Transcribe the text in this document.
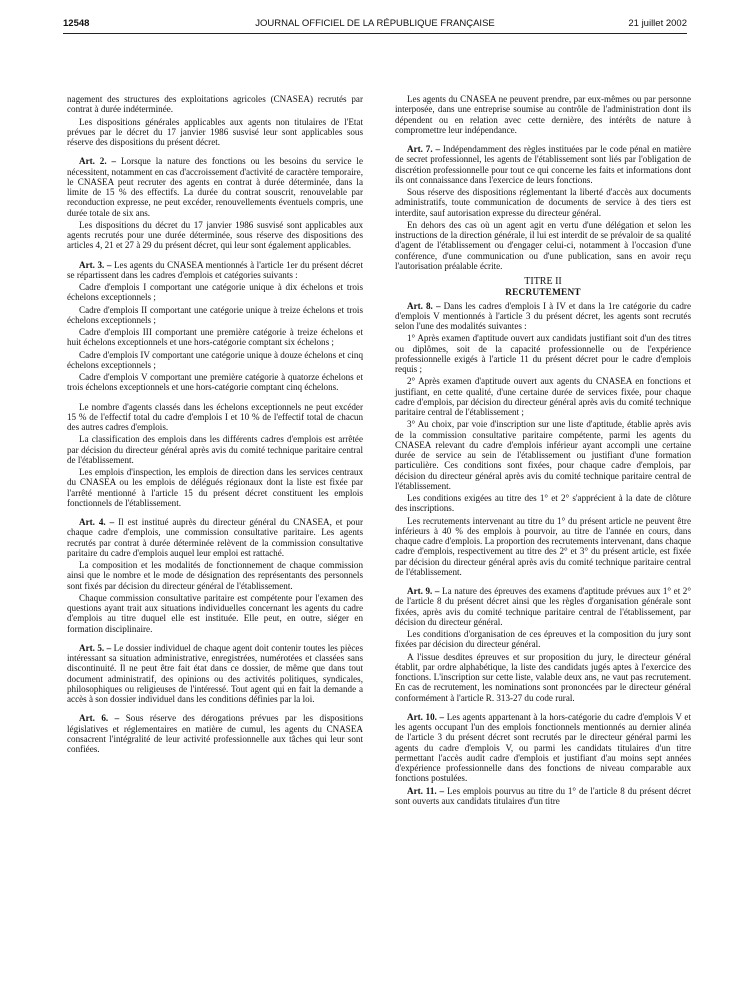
12548	JOURNAL OFFICIEL DE LA RÉPUBLIQUE FRANÇAISE	21 juillet 2002

nagement des structures des exploitations agricoles (CNASEA) recrutés par contrat à durée indéterminée.

Les dispositions générales applicables aux agents non titulaires de l'Etat prévues par le décret du 17 janvier 1986 susvisé leur sont applicables sous réserve des dispositions du présent décret.

Art. 2. – Lorsque la nature des fonctions ou les besoins du service le nécessitent, notamment en cas d'accroissement d'activité de caractère temporaire, le CNASEA peut recruter des agents en contrat à durée déterminée, dans la limite de 15 % des effectifs. La durée du contrat souscrit, renouvelable par reconduction expresse, ne peut excéder, renouvellements éventuels compris, une durée totale de six ans.

Les dispositions du décret du 17 janvier 1986 susvisé sont applicables aux agents recrutés pour une durée déterminée, sous réserve des dispositions des articles 4, 21 et 27 à 29 du présent décret, qui leur sont également applicables.

Art. 3. – Les agents du CNASEA mentionnés à l'article 1er du présent décret se répartissent dans les cadres d'emplois et catégories suivants :

Cadre d'emplois I comportant une catégorie unique à dix échelons et trois échelons exceptionnels ;

Cadre d'emplois II comportant une catégorie unique à treize échelons et trois échelons exceptionnels ;

Cadre d'emplois III comportant une première catégorie à treize échelons et huit échelons exceptionnels et une hors-catégorie comptant six échelons ;

Cadre d'emplois IV comportant une catégorie unique à douze échelons et cinq échelons exceptionnels ;

Cadre d'emplois V comportant une première catégorie à quatorze échelons et trois échelons exceptionnels et une hors-catégorie comptant cinq échelons.

Le nombre d'agents classés dans les échelons exceptionnels ne peut excéder 15 % de l'effectif total du cadre d'emplois I et 10 % de l'effectif total de chacun des autres cadres d'emplois.

La classification des emplois dans les différents cadres d'emplois est arrêtée par décision du directeur général après avis du comité technique paritaire central de l'établissement.

Les emplois d'inspection, les emplois de direction dans les services centraux du CNASEA ou les emplois de délégués régionaux dont la liste est fixée par l'arrêté mentionné à l'article 15 du présent décret constituent les emplois fonctionnels de l'établissement.

Art. 4. – Il est institué auprès du directeur général du CNASEA, et pour chaque cadre d'emplois, une commission consultative paritaire. Les agents recrutés par contrat à durée déterminée relèvent de la commission consultative paritaire du cadre d'emplois auquel leur emploi est rattaché.

La composition et les modalités de fonctionnement de chaque commission ainsi que le nombre et le mode de désignation des représentants des personnels sont fixés par décision du directeur général de l'établissement.

Chaque commission consultative paritaire est compétente pour l'examen des questions ayant trait aux situations individuelles concernant les agents du cadre d'emplois au titre duquel elle est instituée. Elle peut, en outre, siéger en formation disciplinaire.

Art. 5. – Le dossier individuel de chaque agent doit contenir toutes les pièces intéressant sa situation administrative, enregistrées, numérotées et classées sans discontinuité. Il ne peut être fait état dans ce dossier, de même que dans tout document administratif, des opinions ou des activités politiques, syndicales, philosophiques ou religieuses de l'intéressé. Tout agent qui en fait la demande a accès à son dossier individuel dans les conditions définies par la loi.

Art. 6. – Sous réserve des dérogations prévues par les dispositions législatives et réglementaires en matière de cumul, les agents du CNASEA consacrent l'intégralité de leur activité professionnelle aux tâches qui leur sont confiées.

Les agents du CNASEA ne peuvent prendre, par eux-mêmes ou par personne interposée, dans une entreprise soumise au contrôle de l'administration dont ils dépendent ou en relation avec cette dernière, des intérêts de nature à compromettre leur indépendance.

Art. 7. – Indépendamment des règles instituées par le code pénal en matière de secret professionnel, les agents de l'établissement sont liés par l'obligation de discrétion professionnelle pour tout ce qui concerne les faits et informations dont ils ont connaissance dans l'exercice de leurs fonctions.

Sous réserve des dispositions réglementant la liberté d'accès aux documents administratifs, toute communication de documents de service à des tiers est interdite, sauf autorisation expresse du directeur général.

En dehors des cas où un agent agit en vertu d'une délégation et selon les instructions de la direction générale, il lui est interdit de se prévaloir de sa qualité d'agent de l'établissement ou d'engager celui-ci, notamment à l'occasion d'une conférence, d'une communication ou d'une publication, sans en avoir reçu l'autorisation préalable écrite.

TITRE II
RECRUTEMENT

Art. 8. – Dans les cadres d'emplois I à IV et dans la 1re catégorie du cadre d'emplois V mentionnés à l'article 3 du présent décret, les agents sont recrutés selon l'une des modalités suivantes :

1° Après examen d'aptitude ouvert aux candidats justifiant soit d'un des titres ou diplômes, soit de la capacité professionnelle ou de l'expérience professionnelle exigés à l'article 11 du présent décret pour le cadre d'emplois requis ;

2° Après examen d'aptitude ouvert aux agents du CNASEA en fonctions et justifiant, en cette qualité, d'une certaine durée de services fixée, pour chaque cadre d'emplois, par décision du directeur général après avis du comité technique paritaire central de l'établissement ;

3° Au choix, par voie d'inscription sur une liste d'aptitude, établie après avis de la commission consultative paritaire compétente, parmi les agents du CNASEA relevant du cadre d'emplois inférieur ayant accompli une certaine durée de service au sein de l'établissement ou justifiant d'une formation particulière. Ces conditions sont fixées, pour chaque cadre d'emplois, par décision du directeur général après avis du comité technique paritaire central de l'établissement.

Les conditions exigées au titre des 1° et 2° s'apprécient à la date de clôture des inscriptions.

Les recrutements intervenant au titre du 1° du présent article ne peuvent être inférieurs à 40 % des emplois à pourvoir, au titre de l'année en cours, dans chaque cadre d'emplois. La proportion des recrutements intervenant, dans chaque cadre d'emplois, respectivement au titre des 2° et 3° du présent article, est fixée par décision du directeur général après avis du comité technique paritaire central de l'établissement.

Art. 9. – La nature des épreuves des examens d'aptitude prévues aux 1° et 2° de l'article 8 du présent décret ainsi que les règles d'organisation générale sont fixées, après avis du comité technique paritaire central de l'établissement, par décision du directeur général.

Les conditions d'organisation de ces épreuves et la composition du jury sont fixées par décision du directeur général.

A l'issue desdites épreuves et sur proposition du jury, le directeur général établit, par ordre alphabétique, la liste des candidats jugés aptes à l'exercice des fonctions. L'inscription sur cette liste, valable deux ans, ne vaut pas recrutement. En cas de recrutement, les nominations sont prononcées par le directeur général conformément à l'article R. 313-27 du code rural.

Art. 10. – Les agents appartenant à la hors-catégorie du cadre d'emplois V et les agents occupant l'un des emplois fonctionnels mentionnés au dernier alinéa de l'article 3 du présent décret sont recrutés par le directeur général parmi les agents du cadre d'emplois V, ou parmi les candidats titulaires d'un titre permettant l'accès audit cadre d'emplois et justifiant d'au moins sept années d'expérience professionnelle dans des fonctions de niveau comparable aux fonctions postulées.

Art. 11. – Les emplois pourvus au titre du 1° de l'article 8 du présent décret sont ouverts aux candidats titulaires d'un titre
